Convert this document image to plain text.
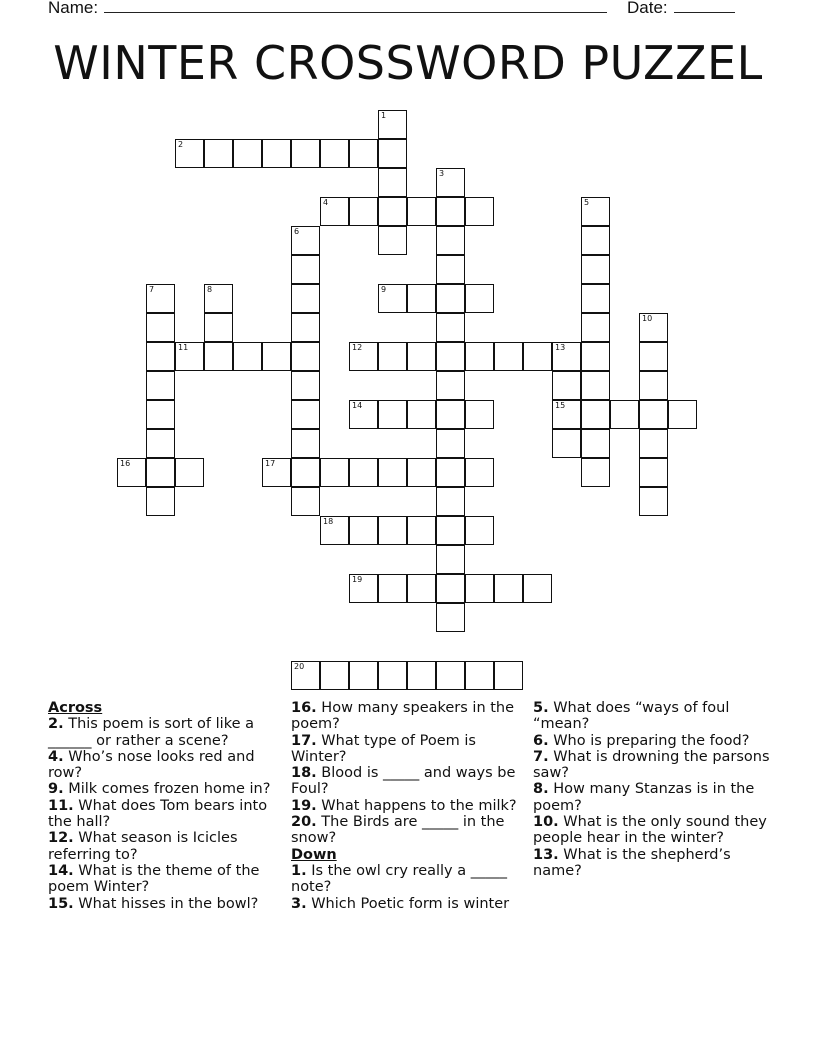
Name:	Date:
WINTER CROSSWORD PUZZEL
1
2
3
4	5
6
7	8	9
10
11	12	13
14	15
16	17
18
19
20
Across
2. This poem is sort of like a ______ or rather a scene?
4. Who’s nose looks red and row?
9. Milk comes frozen home in?
11. What does Tom bears into the hall?
12. What season is Icicles referring to?
14. What is the theme of the poem Winter?
15. What hisses in the bowl?
16. How many speakers in the poem?
17. What type of Poem is Winter?
18. Blood is _____ and ways be Foul?
19. What happens to the milk?
20. The Birds are _____ in the snow?
Down
1. Is the owl cry really a _____ note?
3. Which Poetic form is winter
5. What does “ways of foul “mean?
6. Who is preparing the food?
7. What is drowning the parsons saw?
8. How many Stanzas is in the poem?
10. What is the only sound they people hear in the winter?
13. What is the shepherd’s name?
